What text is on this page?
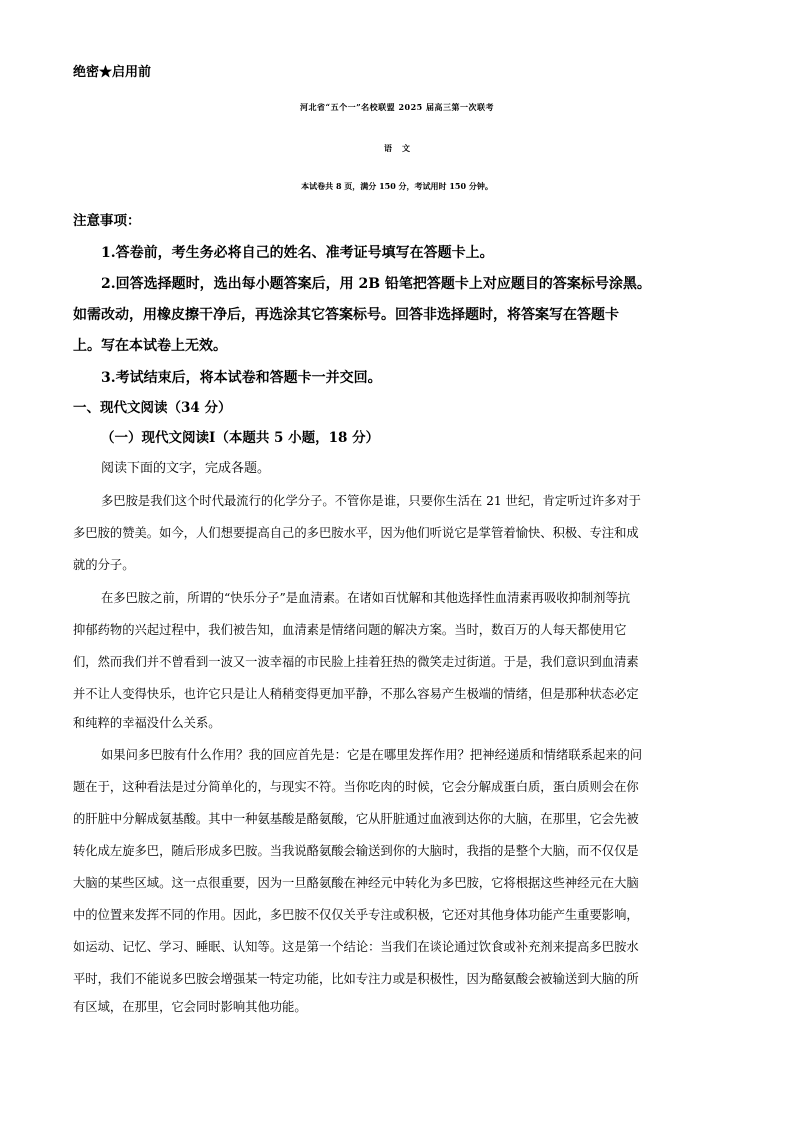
绝密★启用前
河北省“五个一”名校联盟 2025 届高三第一次联考
语文
本试卷共 8 页，满分 150 分，考试用时 150 分钟。
注意事项：
1.答卷前，考生务必将自己的姓名、准考证号填写在答题卡上。
2.回答选择题时，选出每小题答案后，用 2B 铅笔把答题卡上对应题目的答案标号涂黑。
如需改动，用橡皮擦干净后，再选涂其它答案标号。回答非选择题时，将答案写在答题卡
上。写在本试卷上无效。
3.考试结束后，将本试卷和答题卡一并交回。
一、现代文阅读（34 分）
（一）现代文阅读Ⅰ（本题共 5 小题，18 分）
阅读下面的文字，完成各题。
多巴胺是我们这个时代最流行的化学分子。不管你是谁，只要你生活在 21 世纪，肯定听过许多对于
多巴胺的赞美。如今，人们想要提高自己的多巴胺水平，因为他们听说它是掌管着愉快、积极、专注和成
就的分子。
在多巴胺之前，所谓的“快乐分子”是血清素。在诸如百忧解和其他选择性血清素再吸收抑制剂等抗
抑郁药物的兴起过程中，我们被告知，血清素是情绪问题的解决方案。当时，数百万的人每天都使用它
们，然而我们并不曾看到一波又一波幸福的市民脸上挂着狂热的微笑走过街道。于是，我们意识到血清素
并不让人变得快乐，也许它只是让人稍稍变得更加平静，不那么容易产生极端的情绪，但是那种状态必定
和纯粹的幸福没什么关系。
如果问多巴胺有什么作用？我的回应首先是：它是在哪里发挥作用？把神经递质和情绪联系起来的问
题在于，这种看法是过分简单化的，与现实不符。当你吃肉的时候，它会分解成蛋白质，蛋白质则会在你
的肝脏中分解成氨基酸。其中一种氨基酸是酪氨酸，它从肝脏通过血液到达你的大脑，在那里，它会先被
转化成左旋多巴，随后形成多巴胺。当我说酪氨酸会输送到你的大脑时，我指的是整个大脑，而不仅仅是
大脑的某些区域。这一点很重要，因为一旦酪氨酸在神经元中转化为多巴胺，它将根据这些神经元在大脑
中的位置来发挥不同的作用。因此，多巴胺不仅仅关乎专注或积极，它还对其他身体功能产生重要影响，
如运动、记忆、学习、睡眠、认知等。这是第一个结论：当我们在谈论通过饮食或补充剂来提高多巴胺水
平时，我们不能说多巴胺会增强某一特定功能，比如专注力或是积极性，因为酪氨酸会被输送到大脑的所
有区域，在那里，它会同时影响其他功能。
